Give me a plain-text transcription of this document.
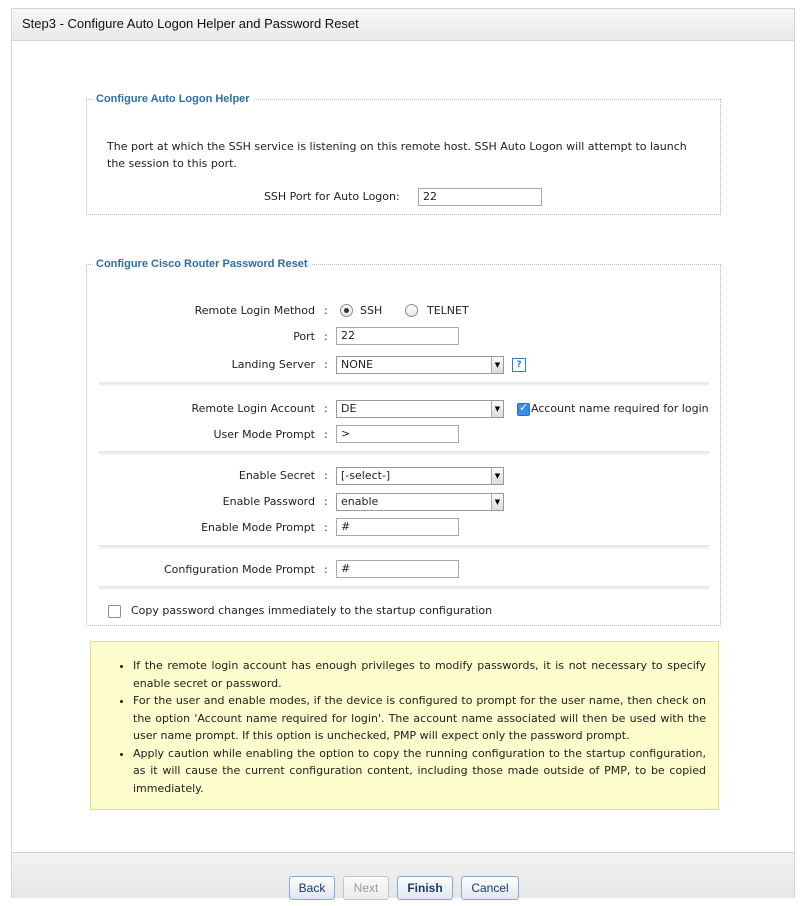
Step3 - Configure Auto Logon Helper and Password Reset
Configure Auto Logon Helper
The port at which the SSH service is listening on this remote host. SSH Auto Logon will attempt to launch the session to this port.
SSH Port for Auto Logon :	22
Configure Cisco Router Password Reset
Remote Login Method :	SSH	TELNET
Port :	22
Landing Server :	NONE	▼	?
Remote Login Account :	DE	▼ ✓	Account name required for login
User Mode Prompt :	>
Enable Secret :	[-select-]	▼
Enable Password :	enable	▼
Enable Mode Prompt :	#
Configuration Mode Prompt :	#
Copy password changes immediately to the startup configuration
• If the remote login account has enough privileges to modify passwords, it is not necessary to specify enable secret or password.
• For the user and enable modes, if the device is configured to prompt for the user name, then check on the option 'Account name required for login'. The account name associated will then be used with the user name prompt. If this option is unchecked, PMP will expect only the password prompt.
• Apply caution while enabling the option to copy the running configuration to the startup configuration, as it will cause the current configuration content, including those made outside of PMP, to be copied immediately.
Back	Next	Finish	Cancel
